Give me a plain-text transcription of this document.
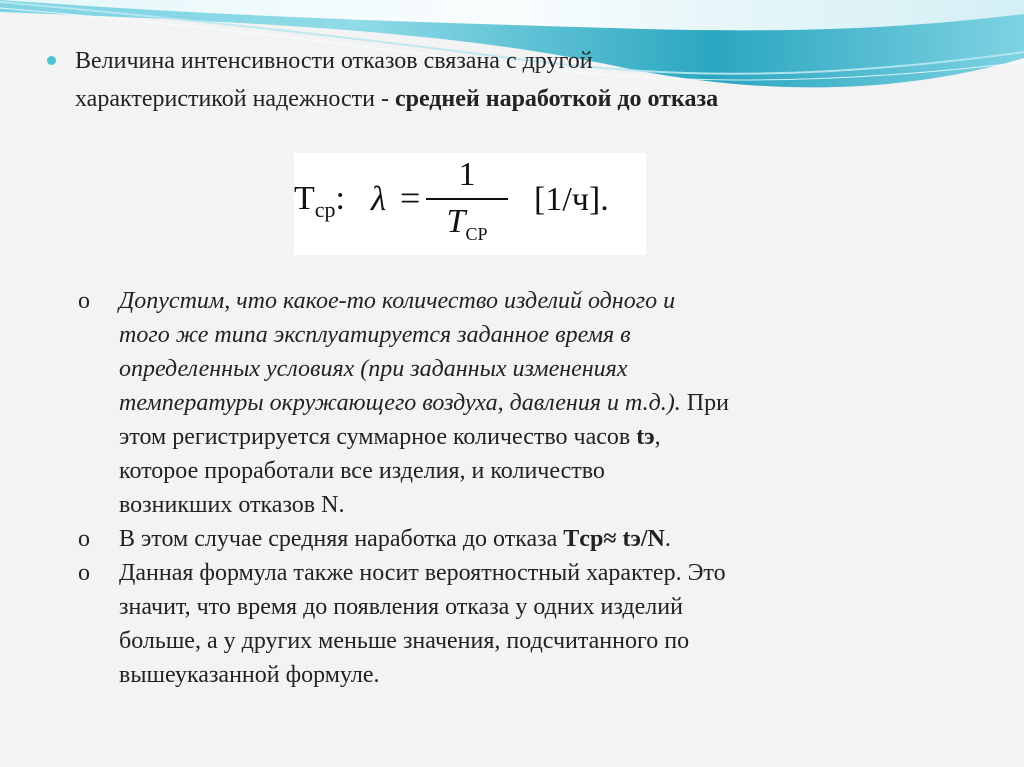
Величина интенсивности отказов связана с другой
характеристикой надежности - средней наработкой до отказа
$Т_{ср}$: λ =
1
$T_{CP}$
[1/ч].
o Допустим, что какое-то количество изделий одного и
того же типа эксплуатируется заданное время в
определенных условиях (при заданных изменениях
температуры окружающего воздуха, давления и т.д.). При
этом регистрируется суммарное количество часов tэ,
которое проработали все изделия, и количество
возникших отказов N.
o В этом случае средняя наработка до отказа Tср≈ tэ/N.
o Данная формула также носит вероятностный характер. Это
значит, что время до появления отказа у одних изделий
больше, а у других меньше значения, подсчитанного по
вышеуказанной формуле.
